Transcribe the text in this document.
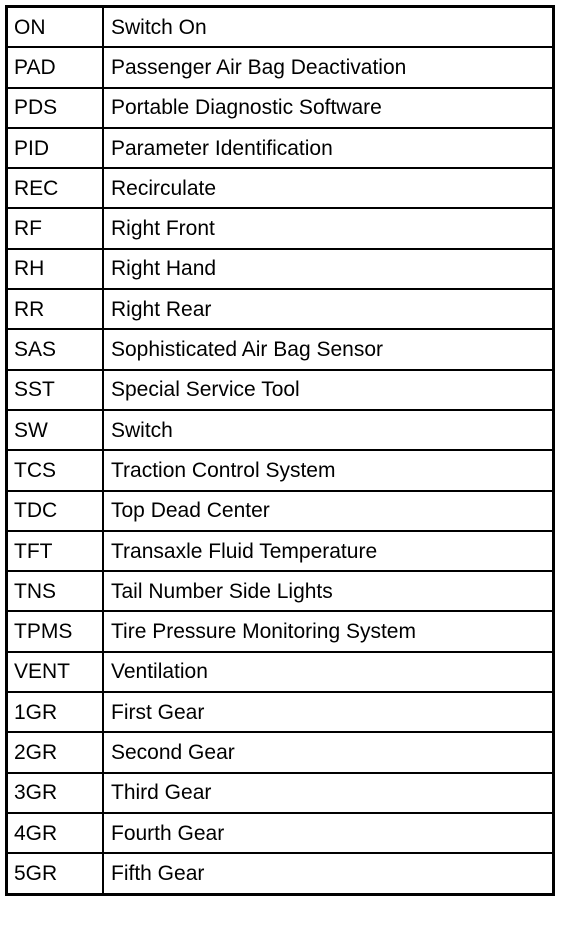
ON	Switch On
PAD	Passenger Air Bag Deactivation
PDS	Portable Diagnostic Software
PID	Parameter Identification
REC	Recirculate
RF	Right Front
RH	Right Hand
RR	Right Rear
SAS	Sophisticated Air Bag Sensor
SST	Special Service Tool
SW	Switch
TCS	Traction Control System
TDC	Top Dead Center
TFT	Transaxle Fluid Temperature
TNS	Tail Number Side Lights
TPMS	Tire Pressure Monitoring System
VENT	Ventilation
1GR	First Gear
2GR	Second Gear
3GR	Third Gear
4GR	Fourth Gear
5GR	Fifth Gear
